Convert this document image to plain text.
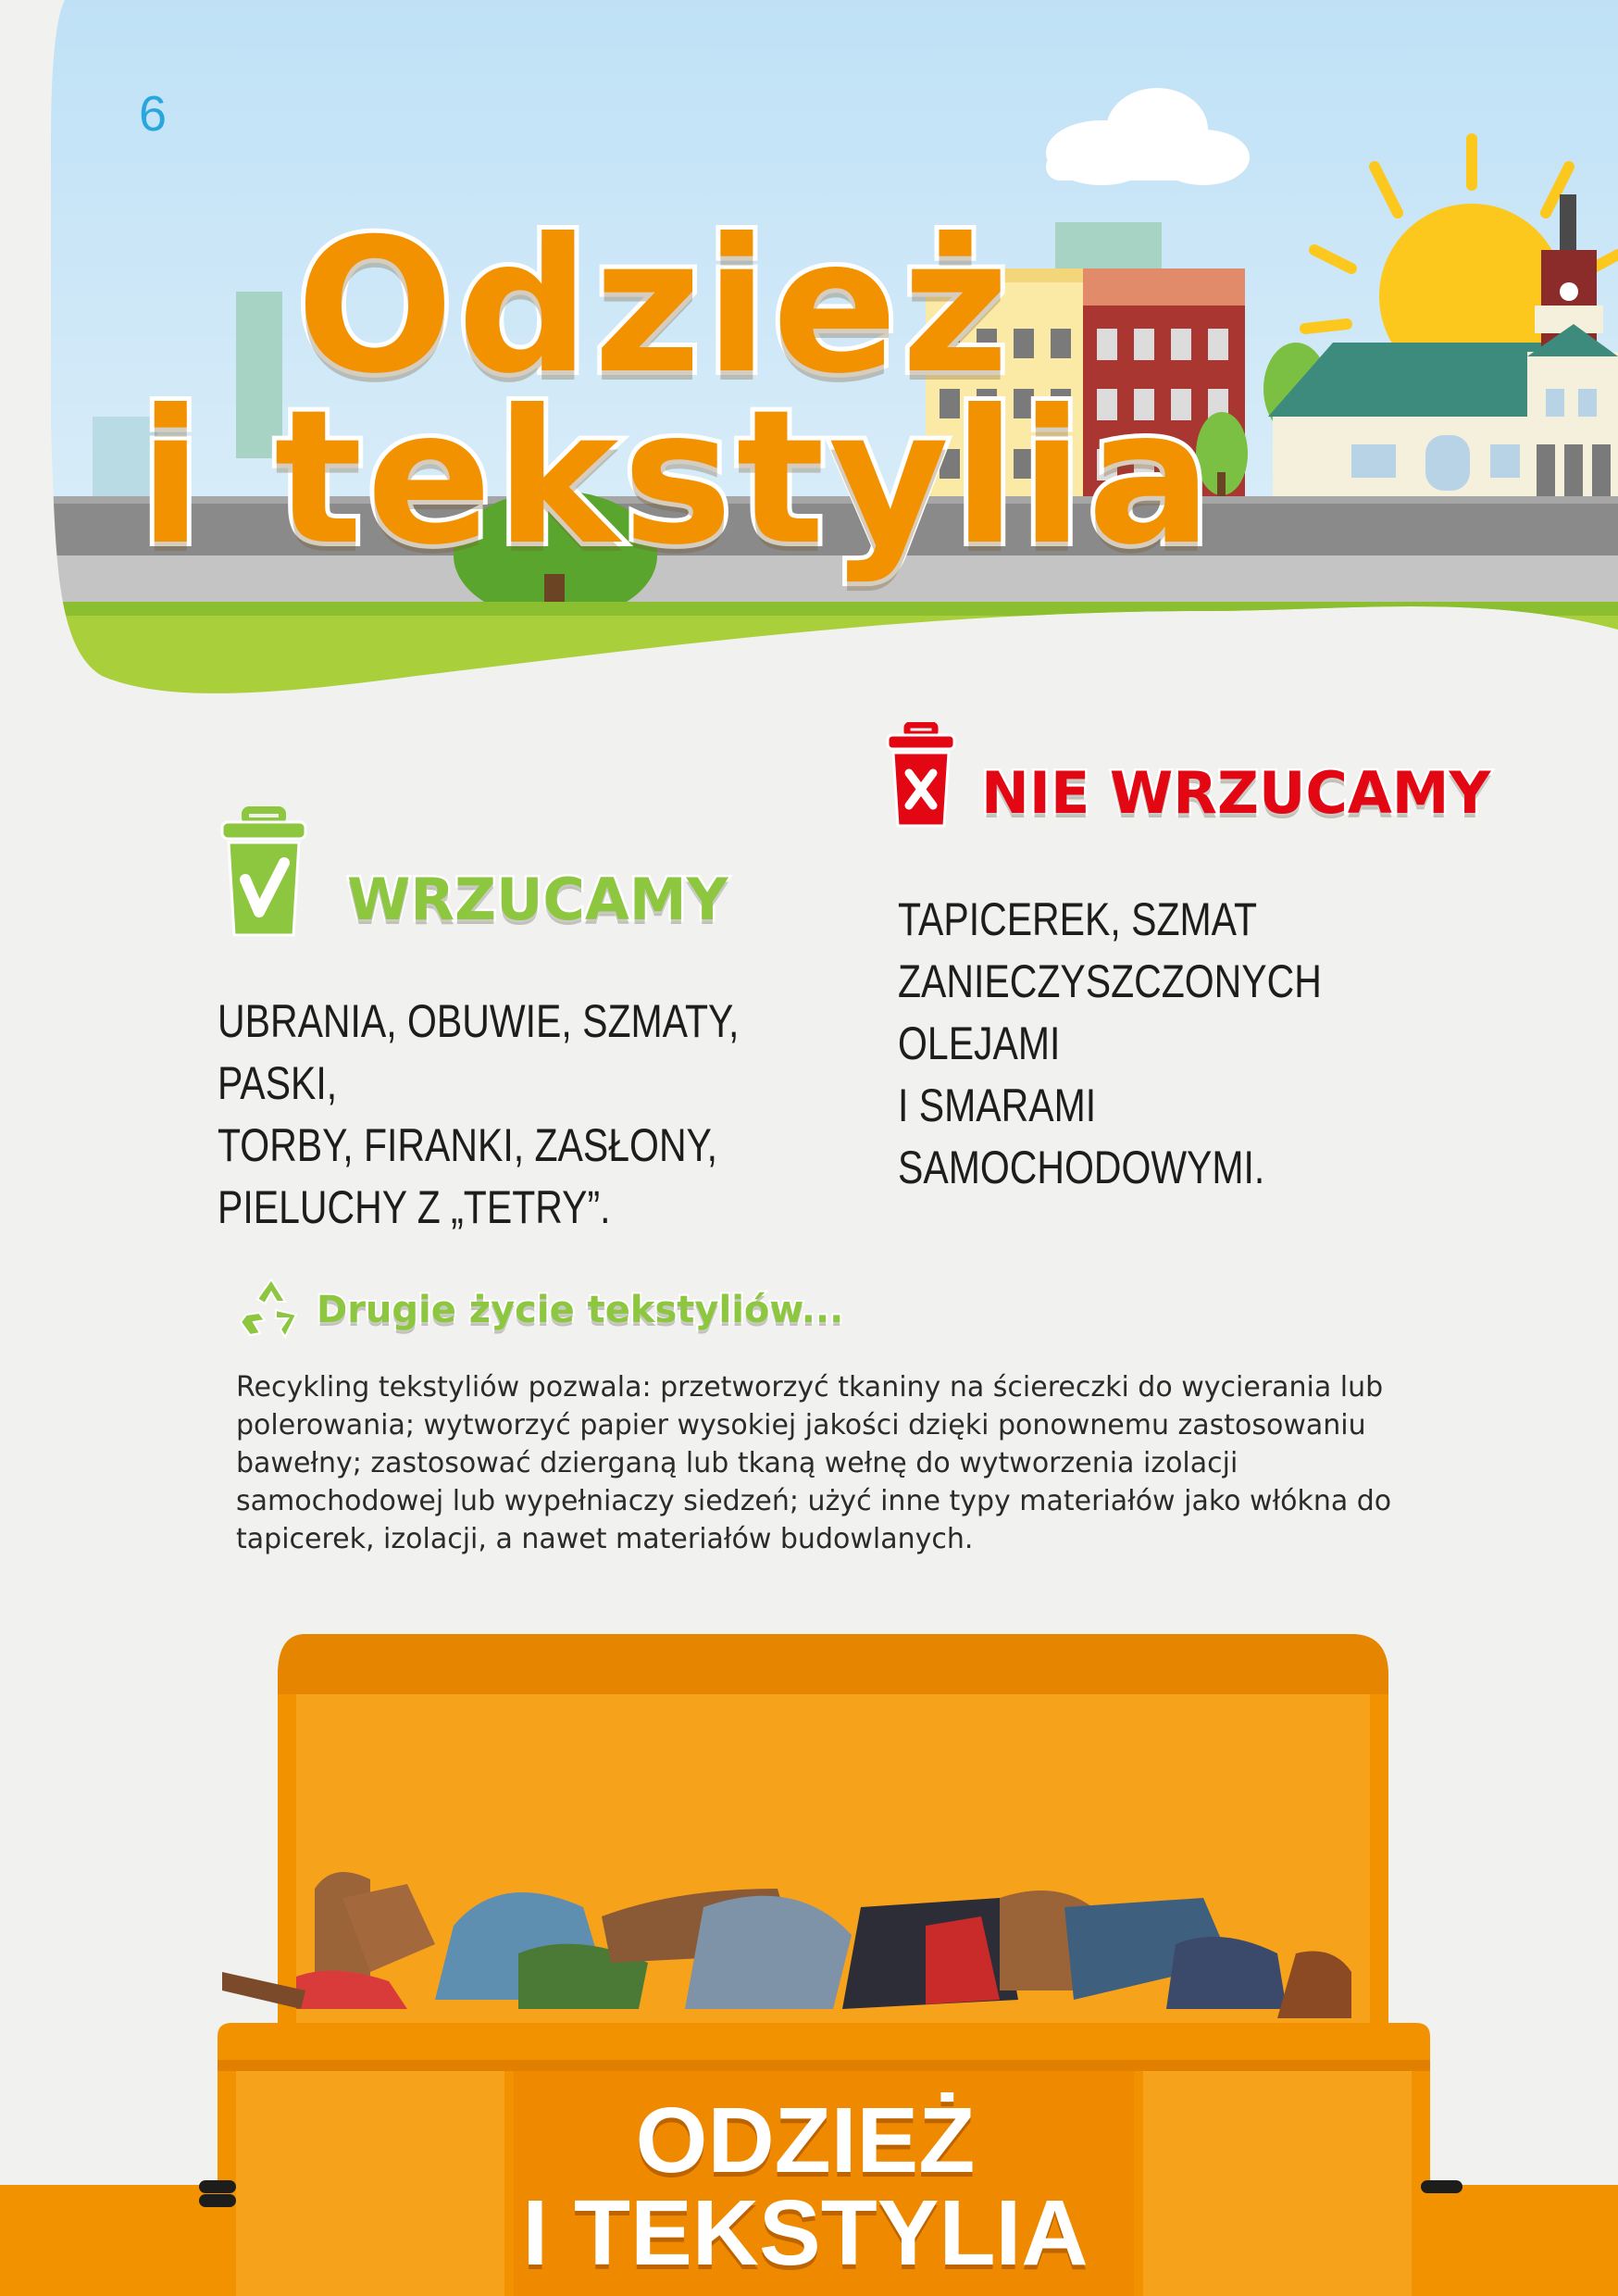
6
Odzież
i tekstylia
WRZUCAMY
NIE WRZUCAMY
UBRANIA, OBUWIE, SZMATY, PASKI,
TORBY, FIRANKI, ZASŁONY,
PIELUCHY Z „TETRY”.
TAPICEREK, SZMAT
ZANIECZYSZCZONYCH OLEJAMI
I SMARAMI SAMOCHODOWYMI.
Drugie życie tekstyliów...
Recykling tekstyliów pozwala: przetworzyć tkaniny na ściereczki do wycierania lub polerowania; wytworzyć papier wysokiej jakości dzięki ponownemu zastosowaniu bawełny; zastosować dzierganą lub tkaną wełnę do wytworzenia izolacji samochodowej lub wypełniaczy siedzeń; użyć inne typy materiałów jako włókna do tapicerek, izolacji, a nawet materiałów budowlanych.
ODZIEŻ
I TEKSTYLIA
